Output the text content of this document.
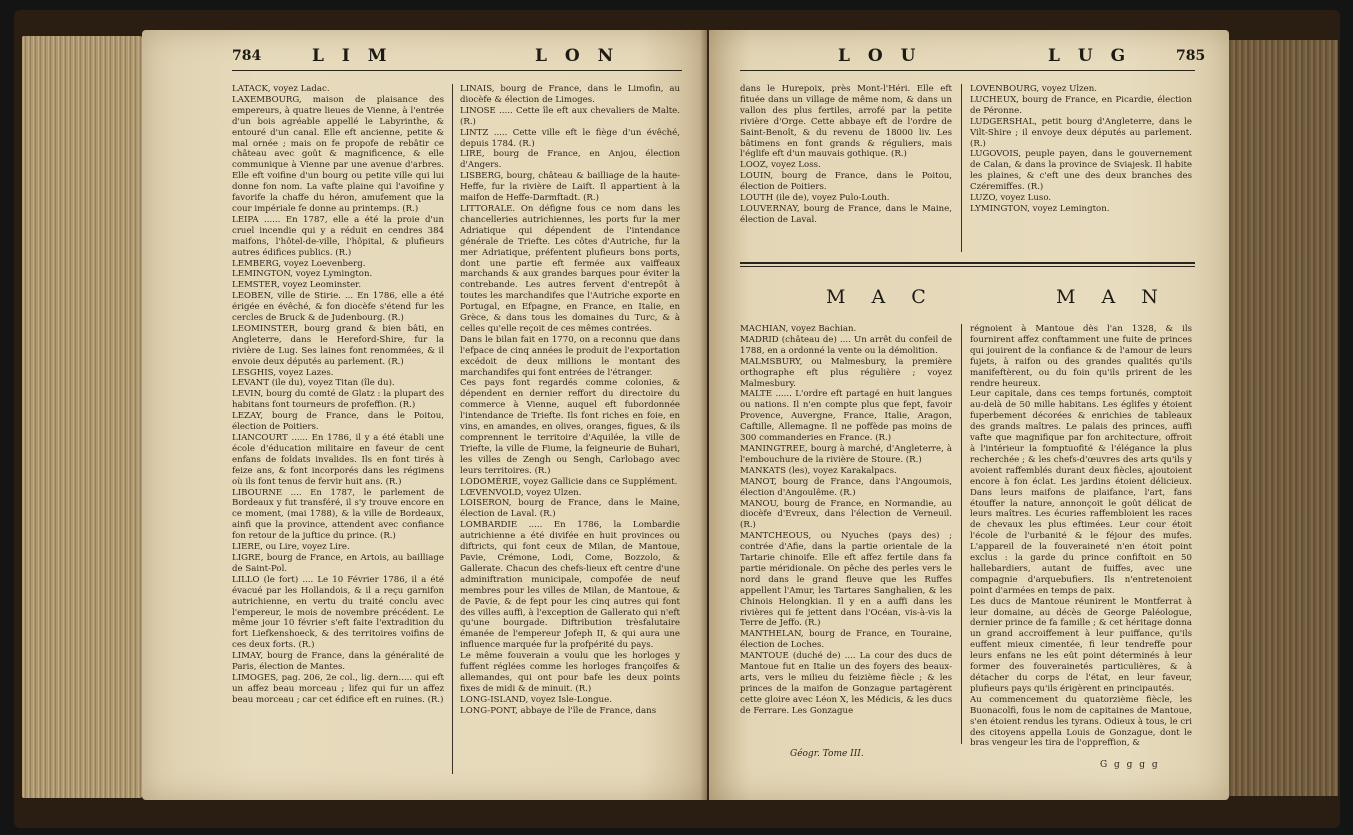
784	L I M	L O N

LATACK, voyez Ladac.

LAXEMBOURG, maison de plaisance des empereurs, à quatre lieues de Vienne, à l'entrée d'un bois agréable appellé le Labyrinthe, & entouré d'un canal. Elle eft ancienne, petite & mal ornée ; mais on fe propofe de rebâtir ce château avec goût & magnificence, & elle communique à Vienne par une avenue d'arbres. Elle eft voifine d'un bourg ou petite ville qui lui donne fon nom. La vafte plaine qui l'avoifine y favorife la chaffe du héron, amufement que la cour impériale fe donne au printemps. (R.)

LEIPA ...... En 1787, elle a été la proie d'un cruel incendie qui y a réduit en cendres 384 maifons, l'hôtel-de-ville, l'hôpital, & plufieurs autres édifices publics. (R.)

LEMBERG, voyez Loevenberg.

LEMINGTON, voyez Lymington.

LEMSTER, voyez Leominster.

LEOBEN, ville de Stirie. ... En 1786, elle a été érigée en évêché, & fon diocèfe s'étend fur les cercles de Bruck & de Judenbourg. (R.)

LEOMINSTER, bourg grand & bien bâti, en Angleterre, dans le Hereford-Shire, fur la rivière de Lug. Ses laines font renommées, & il envoie deux députés au parlement. (R.)

LESGHIS, voyez Lazes.

LEVANT (ile du), voyez Titan (île du).

LEVIN, bourg du comté de Glatz : la plupart des habitans font tourneurs de profeffion. (R.)

LEZAY, bourg de France, dans le Poitou, élection de Poitiers.

LIANCOURT ...... En 1786, il y a été établi une école d'éducation militaire en faveur de cent enfans de foldats invalides. Ils en font tirés à feize ans, & font incorporés dans les régimens où ils font tenus de fervir huit ans. (R.)

LIBOURNE .... En 1787, le parlement de Bordeaux y fut transféré, il s'y trouve encore en ce moment, (mai 1788), & la ville de Bordeaux, ainfi que la province, attendent avec confiance fon retour de la juftice du prince. (R.)

LIERE, ou Lire, voyez Lire.

LIGRE, bourg de France, en Artois, au bailliage de Saint-Pol.

LILLO (le fort) .... Le 10 Février 1786, il a été évacué par les Hollandois, & il a reçu garnifon autrichienne, en vertu du traité conclu avec l'empereur, le mois de novembre précédent. Le même jour 10 février s'eft faite l'extradition du fort Liefkenshoeck, & des territoires voifins de ces deux forts. (R.)

LIMAY, bourg de France, dans la généralité de Paris, élection de Mantes.

LIMOGES, pag. 206, 2e col., lig. dern..... qui eft un affez beau morceau ; lifez qui fur un affez beau morceau ; car cet édifice eft en ruines. (R.)

LINAIS, bourg de France, dans le Limofin, au diocèfe & élection de Limoges.

LINOSE ..... Cette île eft aux chevaliers de Malte. (R.)

LINTZ ..... Cette ville eft le fiège d'un évêché, depuis 1784. (R.)

LIRE, bourg de France, en Anjou, élection d'Angers.

LISBERG, bourg, château & bailliage de la haute-Heffe, fur la rivière de Laift. Il appartient à la maifon de Heffe-Darmftadt. (R.)

LITTORALE. On défigne fous ce nom dans les chancelleries autrichiennes, les ports fur la mer Adriatique qui dépendent de l'intendance générale de Triefte. Les côtes d'Autriche, fur la mer Adriatique, préfentent plufieurs bons ports, dont une partie eft fermée aux vaiffeaux marchands & aux grandes barques pour éviter la contrebande. Les autres fervent d'entrepôt à toutes les marchandifes que l'Autriche exporte en Portugal, en Efpagne, en France, en Italie, en Grèce, & dans tous les domaines du Turc, & à celles qu'elle reçoit de ces mêmes contrées.

Dans le bilan fait en 1770, on a reconnu que dans l'efpace de cinq années le produit de l'exportation excédoit de deux millions le montant des marchandifes qui font entrées de l'étranger.

Ces pays font regardés comme colonies, & dépendent en dernier reffort du directoire du commerce à Vienne, auquel eft fubordonnée l'intendance de Triefte. Ils font riches en foie, en vins, en amandes, en olives, oranges, figues, & ils comprennent le territoire d'Aquilée, la ville de Triefte, la ville de Fiume, la feigneurie de Buhari, les villes de Zengh ou Sengh, Carlobago avec leurs territoires. (R.)

LODOMÉRIE, voyez Gallicie dans ce Supplément.

LŒVENVOLD, voyez Ulzen.

LOISERON, bourg de France, dans le Maine, élection de Laval. (R.)

LOMBARDIE ..... En 1786, la Lombardie autrichienne a été divifée en huit provinces ou diftricts, qui font ceux de Milan, de Mantoue, Pavie, Crémone, Lodi, Come, Bozzolo, & Gallerate. Chacun des chefs-lieux eft centre d'une adminiftration municipale, compofée de neuf membres pour les villes de Milan, de Mantoue, & de Pavie, & de fept pour les cinq autres qui font des villes auffi, à l'exception de Gallerato qui n'eft qu'une bourgade. Diftribution trèsfalutaire émanée de l'empereur Jofeph II, & qui aura une influence marquée fur la profpérité du pays.

Le même fouverain a voulu que les horloges y fuffent réglées comme les horloges françoifes & allemandes, qui ont pour bafe les deux points fixes de midi & de minuit. (R.)

LONG-ISLAND, voyez Isle-Longue.

LONG-PONT, abbaye de l'île de France, dans

L O U	L U G	785

dans le Hurepoix, près Mont-l'Héri. Elle eft fituée dans un village de même nom, & dans un vallon des plus fertiles, arrofé par la petite rivière d'Orge. Cette abbaye eft de l'ordre de Saint-Benoît, & du revenu de 18000 liv. Les bâtimens en font grands & réguliers, mais l'églife eft d'un mauvais gothique. (R.)

LOOZ, voyez Loss.

LOUIN, bourg de France, dans le Poitou, élection de Poitiers.

LOUTH (ile de), voyez Pulo-Louth.

LOUVERNAY, bourg de France, dans le Maine, élection de Laval.

LOVENBOURG, voyez Ulzen.

LUCHEUX, bourg de France, en Picardie, élection de Péronne.

LUDGERSHAL, petit bourg d'Angleterre, dans le Vilt-Shire ; il envoye deux députés au parlement. (R.)

LUGOVOIS, peuple payen, dans le gouvernement de Calan, & dans la province de Sviajesk. Il habite les plaines, & c'eft une des deux branches des Czéremiffes. (R.)

LUZO, voyez Luso.

LYMINGTON, voyez Lemington.

M A C	M A N

MACHIAN, voyez Bachian.

MADRID (château de) .... Un arrêt du confeil de 1788, en a ordonné la vente ou la démolition.

MALMSBURY, ou Malmesbury, la première orthographe eft plus régulière ; voyez Malmesbury.

MALTE ...... L'ordre eft partagé en huit langues ou nations. Il n'en compte plus que fept, favoir Provence, Auvergne, France, Italie, Aragon, Caftille, Allemagne. Il ne poffède pas moins de 300 commanderies en France. (R.)

MANINGTREE, bourg à marché, d'Angleterre, à l'embouchure de la rivière de Stoure. (R.)

MANKATS (les), voyez Karakalpacs.

MANOT, bourg de France, dans l'Angoumois, élection d'Angoulême. (R.)

MANOU, bourg de France, en Normandie, au diocèfe d'Evreux, dans l'élection de Verneuil. (R.)

MANTCHEOUS, ou Nyuches (pays des) ; contrée d'Afie, dans la partie orientale de la Tartarie chinoife. Elle eft affez fertile dans fa partie méridionale. On pêche des perles vers le nord dans le grand fleuve que les Ruffes appellent l'Amur, les Tartares Sanghalien, & les Chinois Helongkian. Il y en a auffi dans les rivières qui fe jettent dans l'Océan, vis-à-vis la Terre de Jeffo. (R.)

MANTHELAN, bourg de France, en Touraine, élection de Loches.

MANTOUE (duché de) .... La cour des ducs de Mantoue fut en Italie un des foyers des beaux-arts, vers le milieu du feizième fiècle ; & les princes de la maifon de Gonzague partagèrent cette gloire avec Léon X, les Médicis, & les ducs de Ferrare. Les Gonzague

régnoient à Mantoue dès l'an 1328, & ils fournirent affez conftamment une fuite de princes qui jouirent de la confiance & de l'amour de leurs fujets, à raifon ou des grandes qualités qu'ils manifeftèrent, ou du foin qu'ils prirent de les rendre heureux.

Leur capitale, dans ces temps fortunés, comptoit au-delà de 50 mille habitans. Les églifes y étoient fuperbement décorées & enrichies de tableaux des grands maîtres. Le palais des princes, auffi vafte que magnifique par fon architecture, offroit à l'intérieur la fomptuofité & l'élégance la plus recherchée ; & les chefs-d'œuvres des arts qu'ils y avoient raffemblés durant deux fiècles, ajoutoient encore à fon éclat. Les jardins étoient délicieux. Dans leurs maifons de plaifance, l'art, fans étouffer la nature, annonçoit le goût délicat de leurs maîtres. Les écuries raffembloient les races de chevaux les plus eftimées. Leur cour étoit l'école de l'urbanité & le féjour des mufes. L'appareil de la fouveraineté n'en étoit point exclus : la garde du prince confiftoit en 50 hallebardiers, autant de fuiffes, avec une compagnie d'arquebufiers. Ils n'entretenoient point d'armées en temps de paix.

Les ducs de Mantoue réunirent le Montferrat à leur domaine, au décès de George Paléologue, dernier prince de fa famille ; & cet héritage donna un grand accroiffement à leur puiffance, qu'ils euffent mieux cimentée, fi leur tendreffe pour leurs enfans ne les eût point déterminés à leur former des fouverainetés particulières, & à détacher du corps de l'état, en leur faveur, plufieurs pays qu'ils érigèrent en principautés.

Au commencement du quatorzième fiècle, les Buonacolfi, fous le nom de capitaines de Mantoue, s'en étoient rendus les tyrans. Odieux à tous, le cri des citoyens appella Louis de Gonzague, dont le bras vengeur les tira de l'oppreffion, &

Géogr. Tome III.
G g g g g
